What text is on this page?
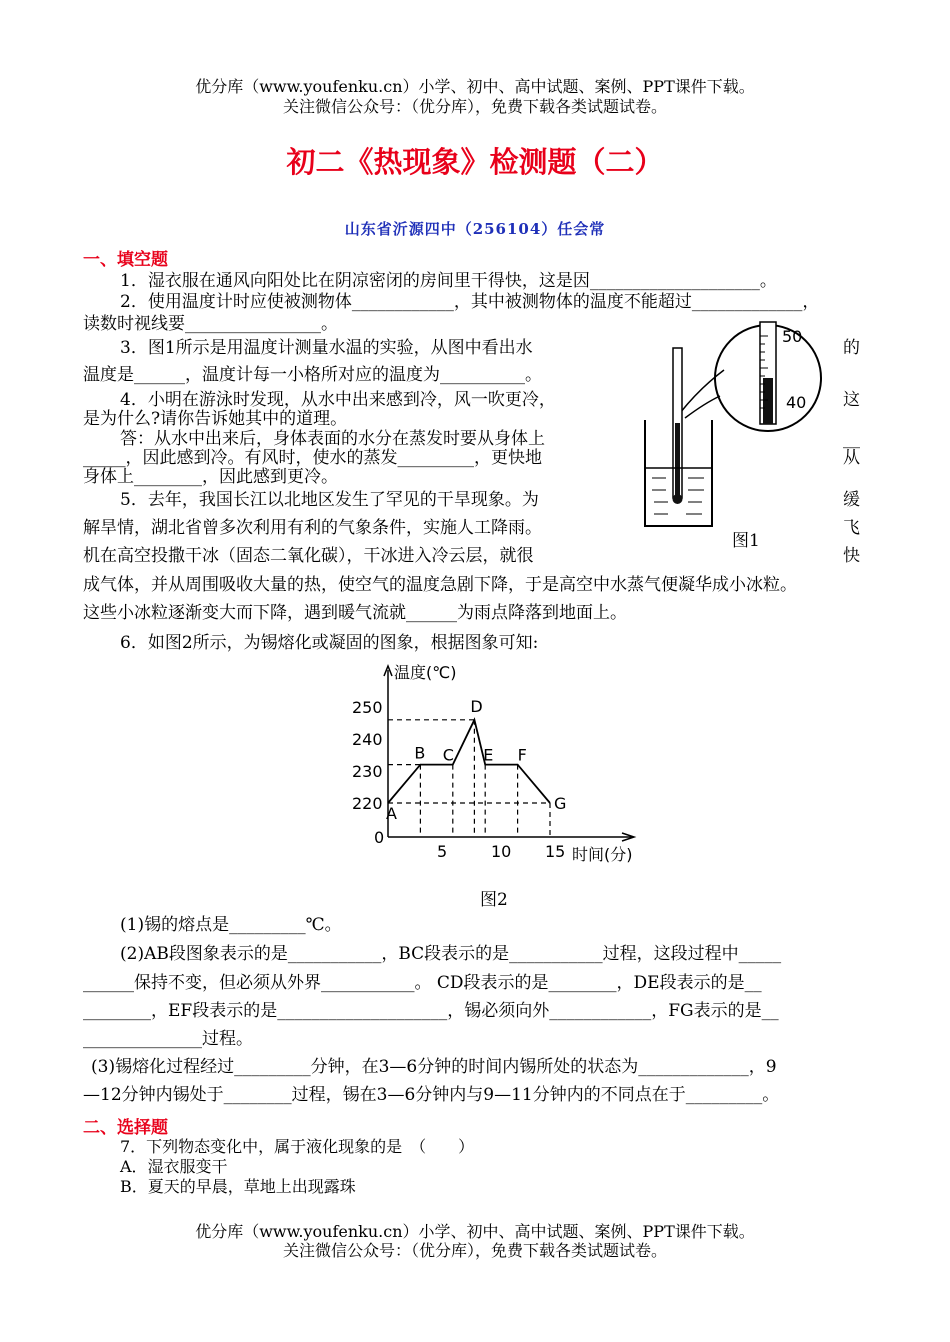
优分库（www.youfenku.cn）小学、初中、高中试题、案例、PPT课件下载。
关注微信公众号：（优分库），免费下载各类试题试卷。
初二《热现象》检测题（二）
山东省沂源四中（256104）任会常
一、填空题
1．湿衣服在通风向阳处比在阴凉密闭的房间里干得快，这是因____________________。
2．使用温度计时应使被测物体____________，其中被测物体的温度不能超过_____________，
读数时视线要________________。
3．图1所示是用温度计测量水温的实验，从图中看出水	的
温度是______，温度计每一小格所对应的温度为__________。
4．小明在游泳时发现，从水中出来感到冷，风一吹更冷，	这
是为什么?请你告诉她其中的道理。
答：从水中出来后，身体表面的水分在蒸发时要从身体上	__
_____，因此感到冷。有风时，使水的蒸发_________，更快地	从
身体上________，因此感到更冷。
5．去年，我国长江以北地区发生了罕见的干旱现象。为	缓
解旱情，湖北省曾多次利用有利的气象条件，实施人工降雨。	飞
机在高空投撒干冰（固态二氧化碳），干冰进入冷云层，就很	快
成气体，并从周围吸收大量的热，使空气的温度急剧下降，于是高空中水蒸气便凝华成小冰粒。
这些小冰粒逐渐变大而下降，遇到暖气流就______为雨点降落到地面上。
50
40
图1
6．如图2所示，为锡熔化或凝固的图象，根据图象可知:
温度(℃)
时间(分)
250
240
230
220
0
5	10 15
A
B C
D
E F
G
图2
(1)锡的熔点是_________℃。
(2)AB段图象表示的是___________，BC段表示的是___________过程，这段过程中_____
______保持不变，但必须从外界___________。 CD段表示的是________，DE段表示的是__
________，EF段表示的是____________________，锡必须向外____________，FG表示的是__
______________过程。
(3)锡熔化过程经过_________分钟，在3—6分钟的时间内锡所处的状态为_____________，9
—12分钟内锡处于________过程，锡在3—6分钟内与9—11分钟内的不同点在于_________。
二、选择题
7．下列物态变化中，属于液化现象的是　（　　）
A．湿衣服变干
B．夏天的早晨，草地上出现露珠
优分库（www.youfenku.cn）小学、初中、高中试题、案例、PPT课件下载。
关注微信公众号：（优分库），免费下载各类试题试卷。
